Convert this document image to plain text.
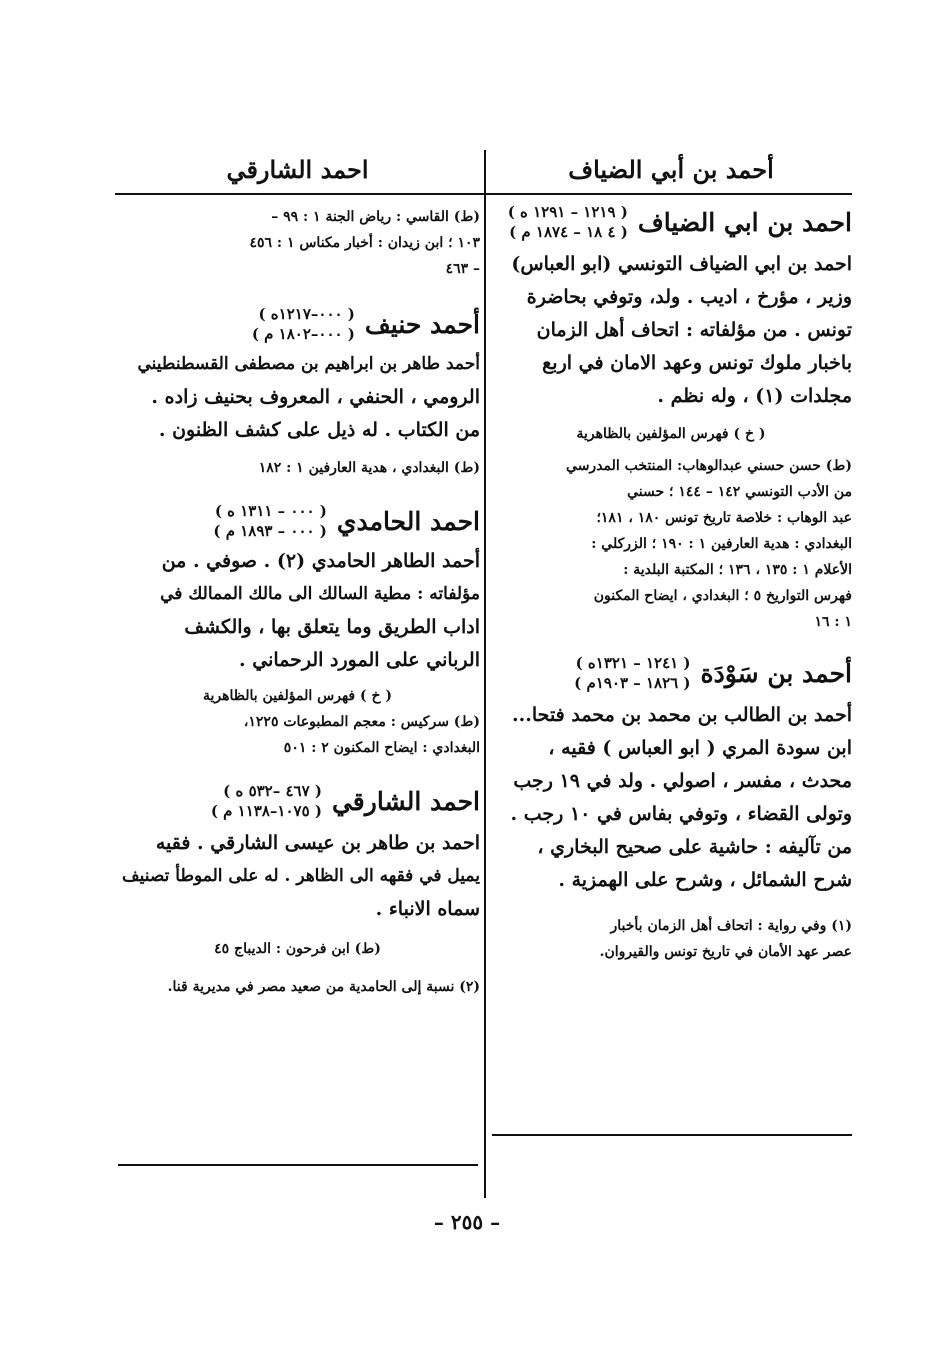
أحمد بن أبي الضياف
احمد بن ابي الضياف
( ١٢١٩ – ١٢٩١ ه )
( ٤ ١٨ – ١٨٧٤ م )

احمد بن ابي الضياف التونسي (ابو العباس)

وزير ، مؤرخ ، اديب . ولد، وتوفي بحاضرة

تونس . من مؤلفاته : اتحاف أهل الزمان

باخبار ملوك تونس وعهد الامان في اربع

مجلدات (١) ، وله نظم .

( خ ) فهرس المؤلفين بالظاهرية

(ط) حسن حسني عبدالوهاب: المنتخب المدرسي

من الأدب التونسي ١٤٢ – ١٤٤ ؛ حسني

عبد الوهاب : خلاصة تاريخ تونس ١٨٠ ، ١٨١؛

البغدادي : هدية العارفين ١ : ١٩٠ ؛ الزركلي :

الأعلام ١ : ١٣٥ ، ١٣٦ ؛ المكتبة البلدية :

فهرس التواريخ ٥ ؛ البغدادي ، ايضاح المكنون

١ : ١٦

أحمد بن سَوْدَة
( ١٢٤١ – ١٣٢١ه )
( ١٨٢٦ – ١٩٠٣م )

أحمد بن الطالب بن محمد بن محمد فتحا...

ابن سودة المري ( ابو العباس ) فقيه ،

محدث ، مفسر ، اصولي . ولد في ١٩ رجب

وتولى القضاء ، وتوفي بفاس في ١٠ رجب .

من تآليفه : حاشية على صحيح البخاري ،

شرح الشمائل ، وشرح على الهمزية .

(١) وفي رواية : اتحاف أهل الزمان بأخبار

عصر عهد الأمان في تاريخ تونس والقيروان.

احمد الشارقي

(ط) القاسي : رياض الجنة ١ : ٩٩ –

١٠٣ ؛ ابن زيدان : أخبار مكناس ١ : ٤٥٦

– ٤٦٣

أحمد حنيف
( ٠٠٠–١٢١٧ه )
( ٠٠٠–١٨٠٢ م )

أحمد طاهر بن ابراهيم بن مصطفى القسطنطيني

الرومي ، الحنفي ، المعروف بحنيف زاده .

من الكتاب . له ذيل على كشف الظنون .

(ط) البغدادي ، هدية العارفين ١ : ١٨٢

احمد الحامدي
( ٠٠٠ – ١٣١١ ه )
( ٠٠٠ – ١٨٩٣ م )

أحمد الطاهر الحامدي (٢) . صوفي . من

مؤلفاته : مطية السالك الى مالك الممالك في

اداب الطريق وما يتعلق بها ، والكشف

الرباني على المورد الرحماني .

( خ ) فهرس المؤلفين بالظاهرية

(ط) سركيس : معجم المطبوعات ١٢٢٥،

البغدادي : ايضاح المكنون ٢ : ٥٠١

احمد الشارقي
( ٤٦٧ –٥٣٢ ه )
( ١٠٧٥–١١٣٨ م )

احمد بن طاهر بن عيسى الشارقي . فقيه

يميل في فقهه الى الظاهر . له على الموطأ تصنيف

سماه الانباء .

(ط) ابن فرحون : الديباج ٤٥

(٢) نسبة إلى الحامدية من صعيد مصر في مديرية قنا.

– ٢٥٥ –
